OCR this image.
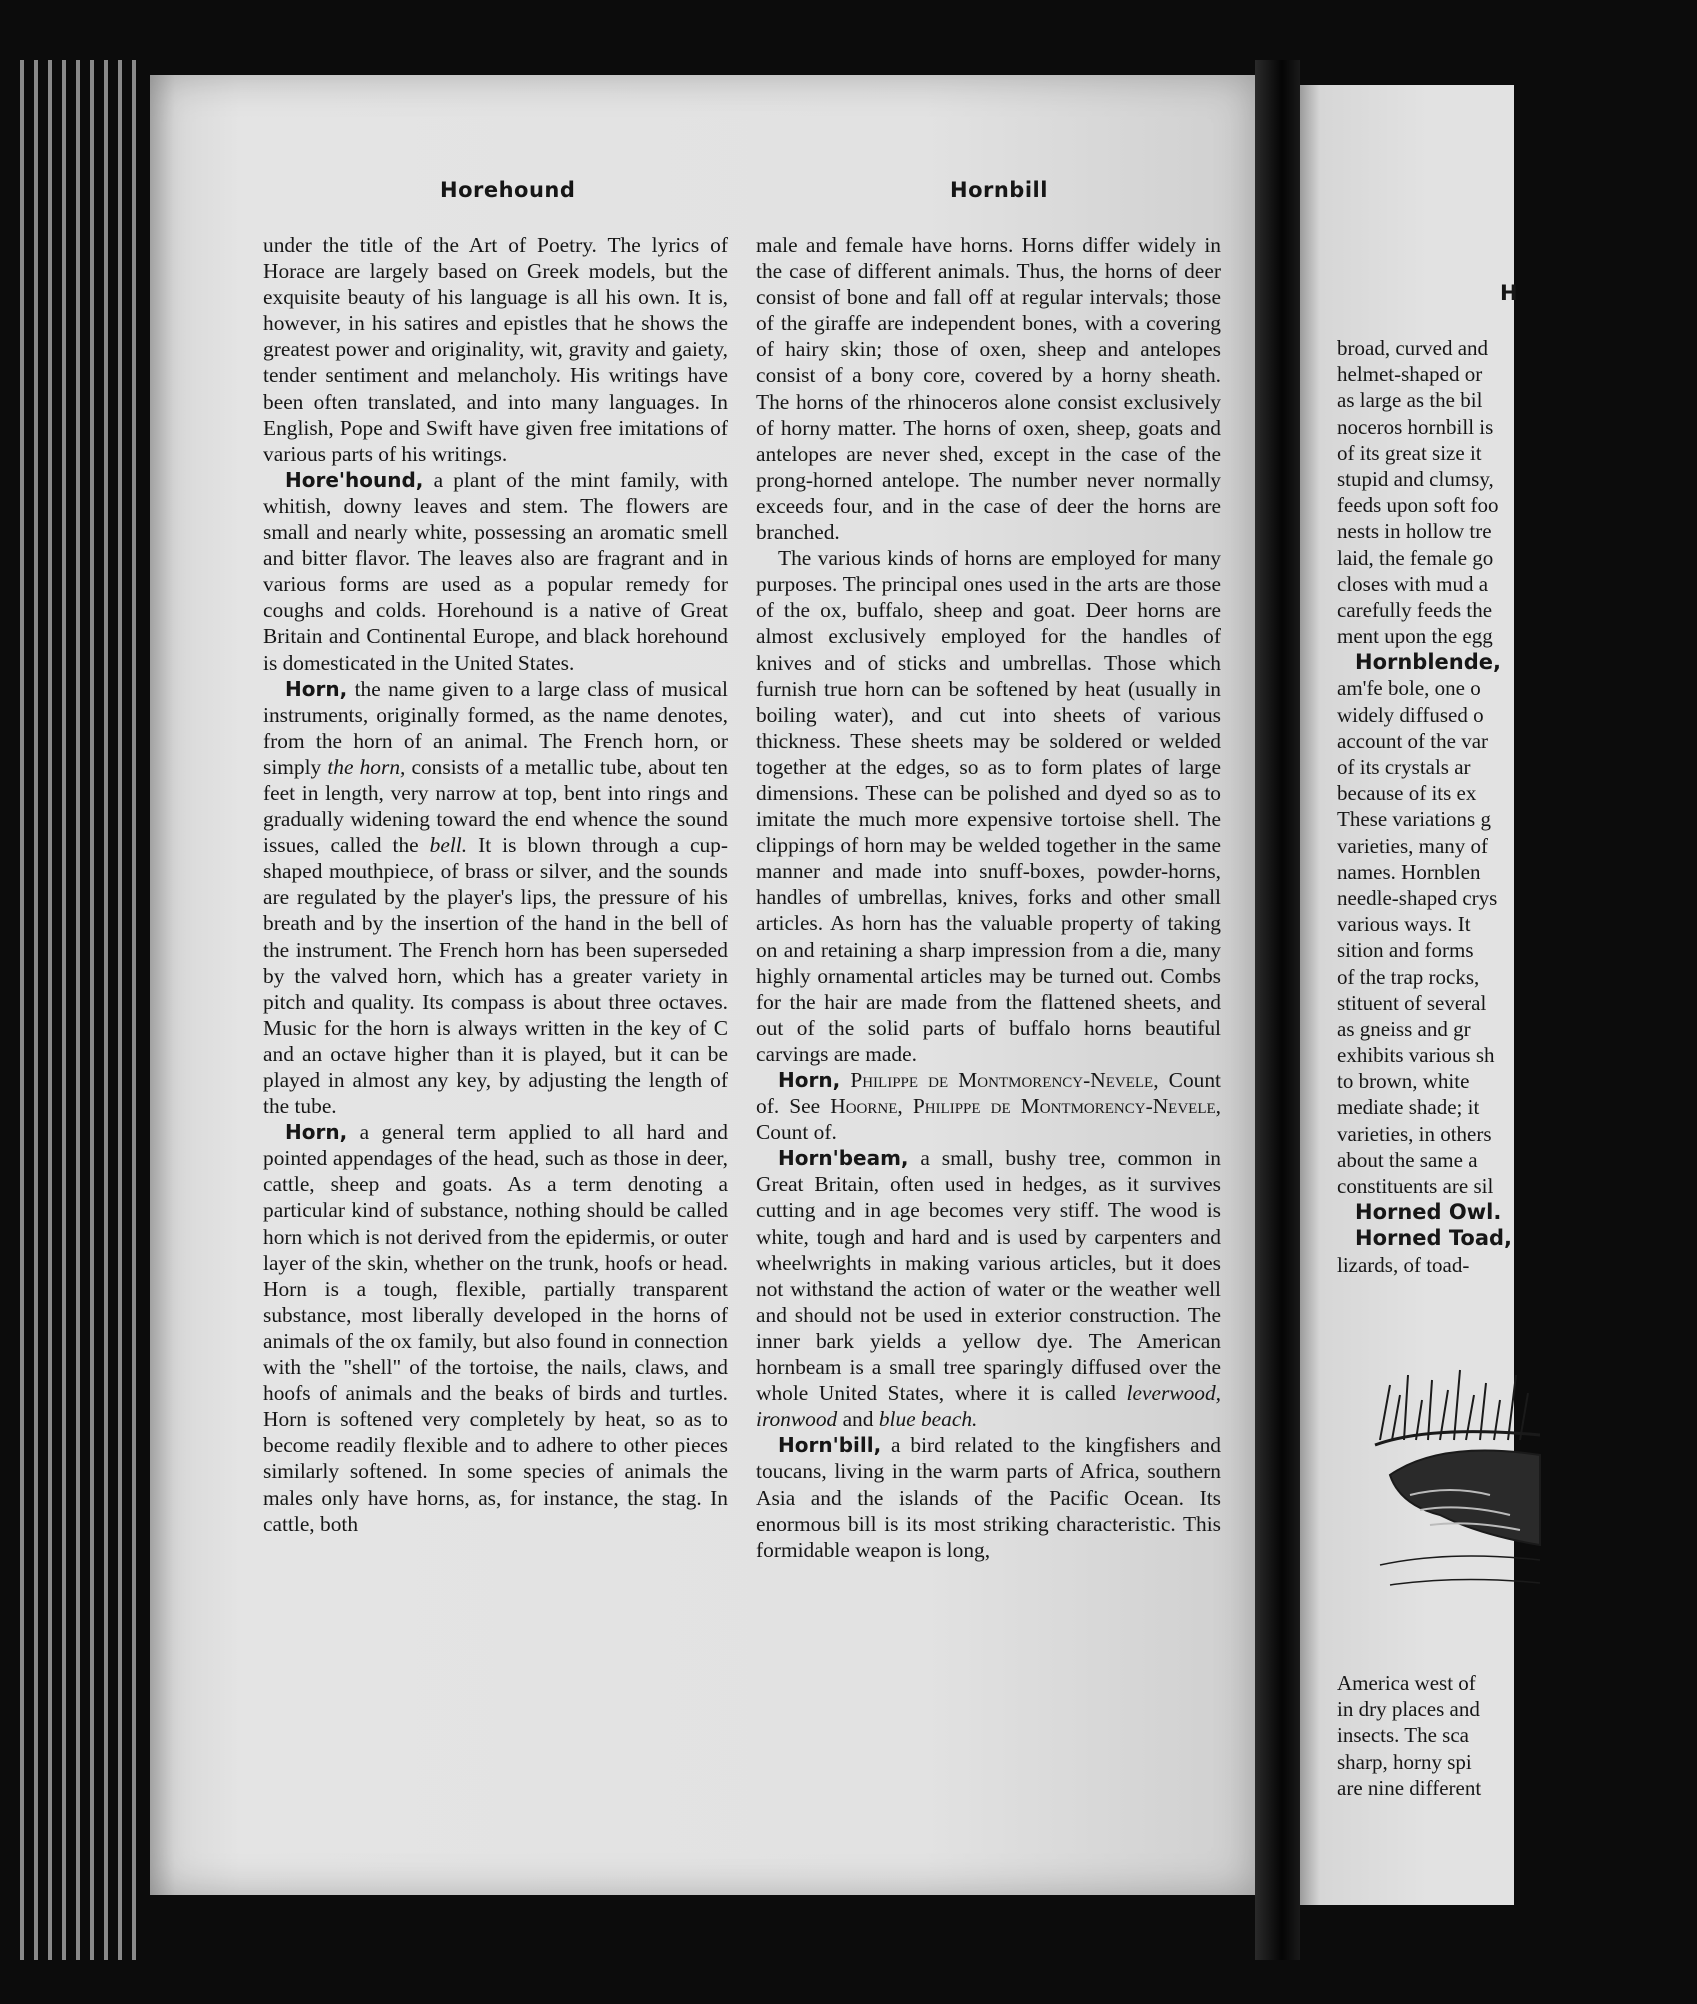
Horehound	Hornbill

under the title of the Art of Poetry. The lyrics of Horace are largely based on Greek models, but the exquisite beauty of his language is all his own. It is, however, in his satires and epistles that he shows the greatest power and originality, wit, gravity and gaiety, tender sentiment and melancholy. His writings have been often translated, and into many languages. In English, Pope and Swift have given free imitations of various parts of his writings.

Hore'hound, a plant of the mint family, with whitish, downy leaves and stem. The flowers are small and nearly white, possessing an aromatic smell and bitter flavor. The leaves also are fragrant and in various forms are used as a popular remedy for coughs and colds. Horehound is a native of Great Britain and Continental Europe, and black horehound is domesticated in the United States.

Horn, the name given to a large class of musical instruments, originally formed, as the name denotes, from the horn of an animal. The French horn, or simply the horn, consists of a metallic tube, about ten feet in length, very narrow at top, bent into rings and gradually widening toward the end whence the sound issues, called the bell. It is blown through a cup-shaped mouthpiece, of brass or silver, and the sounds are regulated by the player's lips, the pressure of his breath and by the insertion of the hand in the bell of the instrument. The French horn has been superseded by the valved horn, which has a greater variety in pitch and quality. Its compass is about three octaves. Music for the horn is always written in the key of C and an octave higher than it is played, but it can be played in almost any key, by adjusting the length of the tube.

Horn, a general term applied to all hard and pointed appendages of the head, such as those in deer, cattle, sheep and goats. As a term denoting a particular kind of substance, nothing should be called horn which is not derived from the epidermis, or outer layer of the skin, whether on the trunk, hoofs or head. Horn is a tough, flexible, partially transparent substance, most liberally developed in the horns of animals of the ox family, but also found in connection with the "shell" of the tortoise, the nails, claws, and hoofs of animals and the beaks of birds and turtles. Horn is softened very completely by heat, so as to become readily flexible and to adhere to other pieces similarly softened. In some species of animals the males only have horns, as, for instance, the stag. In cattle, both

male and female have horns. Horns differ widely in the case of different animals. Thus, the horns of deer consist of bone and fall off at regular intervals; those of the giraffe are independent bones, with a covering of hairy skin; those of oxen, sheep and antelopes consist of a bony core, covered by a horny sheath. The horns of the rhinoceros alone consist exclusively of horny matter. The horns of oxen, sheep, goats and antelopes are never shed, except in the case of the prong-horned antelope. The number never normally exceeds four, and in the case of deer the horns are branched.

The various kinds of horns are employed for many purposes. The principal ones used in the arts are those of the ox, buffalo, sheep and goat. Deer horns are almost exclusively employed for the handles of knives and of sticks and umbrellas. Those which furnish true horn can be softened by heat (usually in boiling water), and cut into sheets of various thickness. These sheets may be soldered or welded together at the edges, so as to form plates of large dimensions. These can be polished and dyed so as to imitate the much more expensive tortoise shell. The clippings of horn may be welded together in the same manner and made into snuff-boxes, powder-horns, handles of umbrellas, knives, forks and other small articles. As horn has the valuable property of taking on and retaining a sharp impression from a die, many highly ornamental articles may be turned out. Combs for the hair are made from the flattened sheets, and out of the solid parts of buffalo horns beautiful carvings are made.

Horn, Philippe de Montmorency-Nevele, Count of. See Hoorne, Philippe de Montmorency-Nevele, Count of.

Horn'beam, a small, bushy tree, common in Great Britain, often used in hedges, as it survives cutting and in age becomes very stiff. The wood is white, tough and hard and is used by carpenters and wheelwrights in making various articles, but it does not withstand the action of water or the weather well and should not be used in exterior construction. The inner bark yields a yellow dye. The American hornbeam is a small tree sparingly diffused over the whole United States, where it is called leverwood, ironwood and blue beach.

Horn'bill, a bird related to the kingfishers and toucans, living in the warm parts of Africa, southern Asia and the islands of the Pacific Ocean. Its enormous bill is its most striking characteristic. This formidable weapon is long,

H
broad, curved and
helmet-shaped or
as large as the bil
noceros hornbill is
of its great size it
stupid and clumsy,
feeds upon soft foo
nests in hollow tre
laid, the female go
closes with mud a
carefully feeds the
ment upon the egg
Hornblende,
am'fe bole, one o
widely diffused o
account of the var
of its crystals ar
because of its ex
These variations g
varieties, many of
names. Hornblen
needle-shaped crys
various ways. It
sition and forms
of the trap rocks,
stituent of several
as gneiss and gr
exhibits various sh
to brown, white
mediate shade; it
varieties, in others
about the same a
constituents are sil
Horned Owl.
Horned Toad,
lizards, of toad-
America west of
in dry places and
insects. The sca
sharp, horny spi
are nine different
